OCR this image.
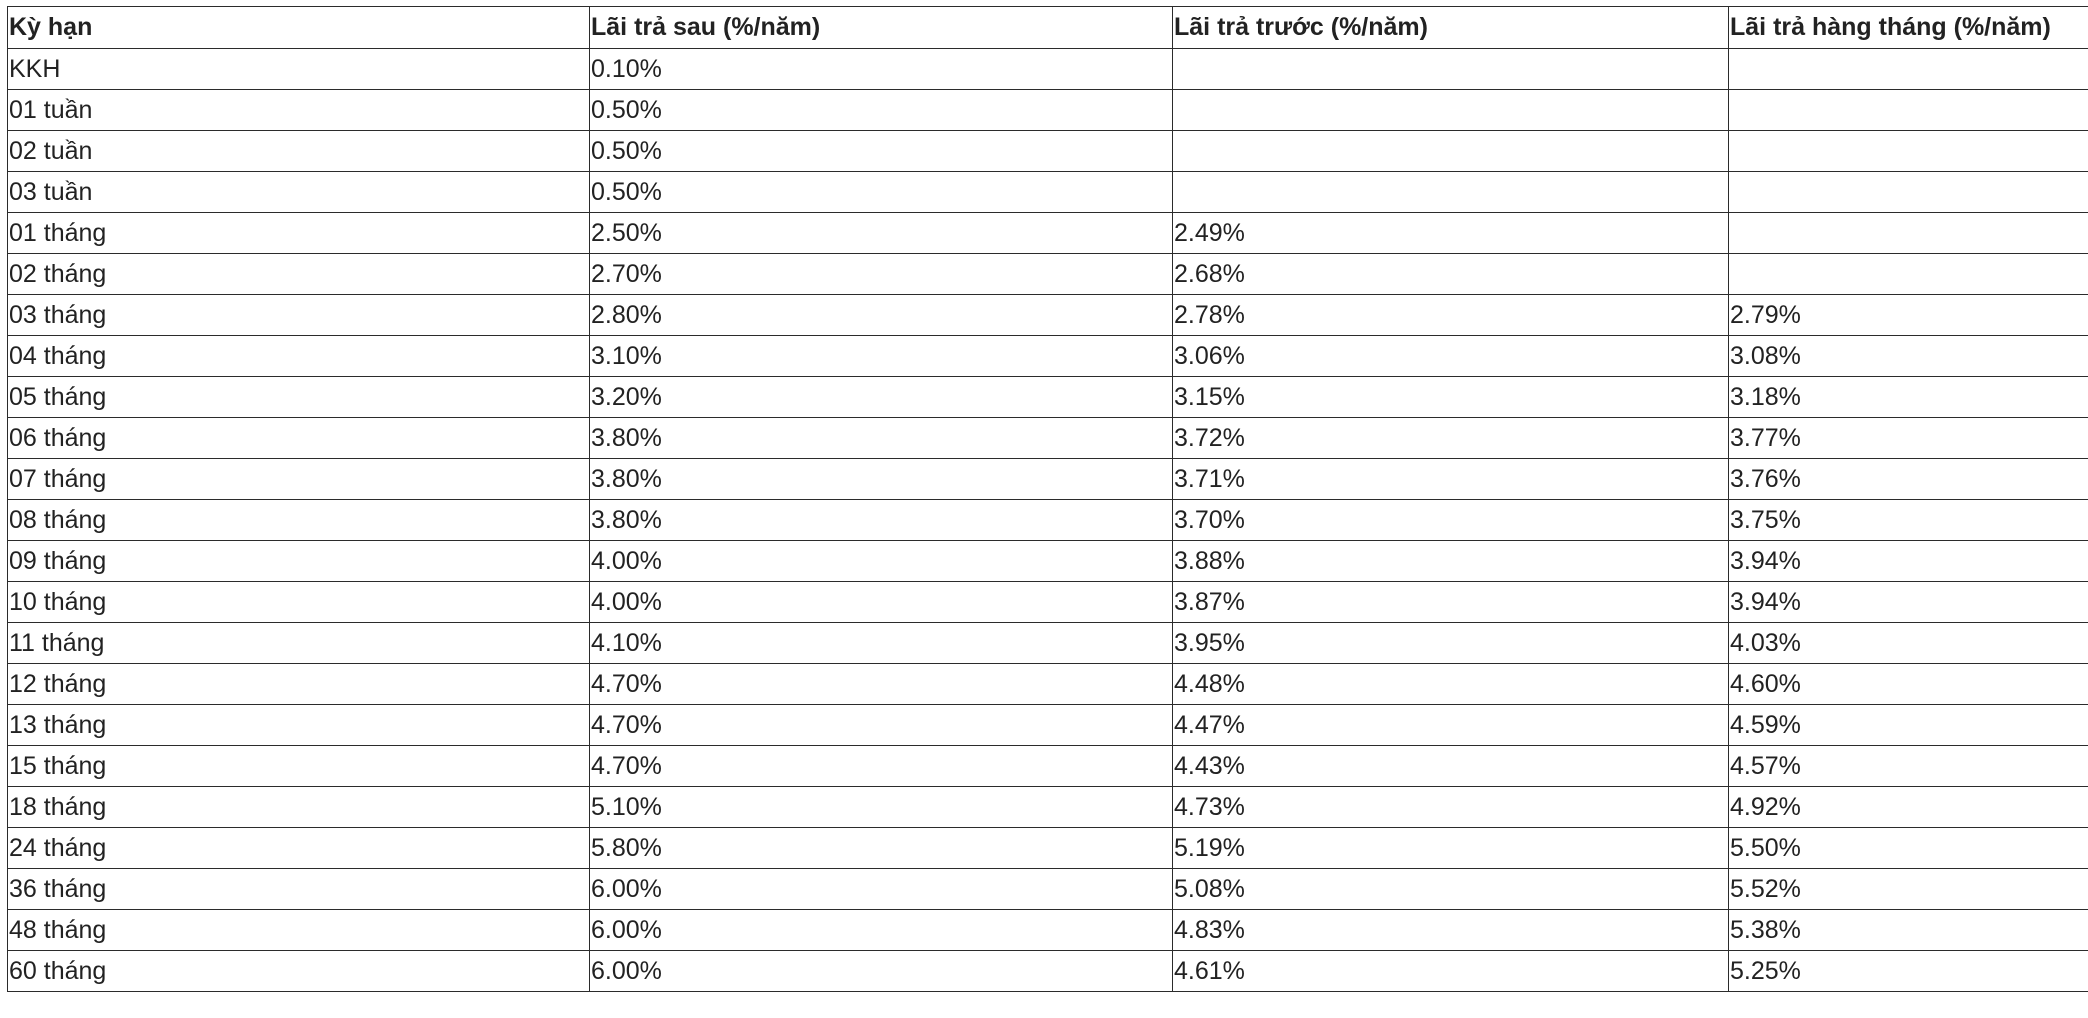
Kỳ hạn	Lãi trả sau (%/năm)	Lãi trả trước (%/năm)	Lãi trả hàng tháng (%/năm)
KKH	0.10%		
01 tuần	0.50%		
02 tuần	0.50%		
03 tuần	0.50%		
01 tháng	2.50%	2.49%	
02 tháng	2.70%	2.68%	
03 tháng	2.80%	2.78%	2.79%
04 tháng	3.10%	3.06%	3.08%
05 tháng	3.20%	3.15%	3.18%
06 tháng	3.80%	3.72%	3.77%
07 tháng	3.80%	3.71%	3.76%
08 tháng	3.80%	3.70%	3.75%
09 tháng	4.00%	3.88%	3.94%
10 tháng	4.00%	3.87%	3.94%
11 tháng	4.10%	3.95%	4.03%
12 tháng	4.70%	4.48%	4.60%
13 tháng	4.70%	4.47%	4.59%
15 tháng	4.70%	4.43%	4.57%
18 tháng	5.10%	4.73%	4.92%
24 tháng	5.80%	5.19%	5.50%
36 tháng	6.00%	5.08%	5.52%
48 tháng	6.00%	4.83%	5.38%
60 tháng	6.00%	4.61%	5.25%
